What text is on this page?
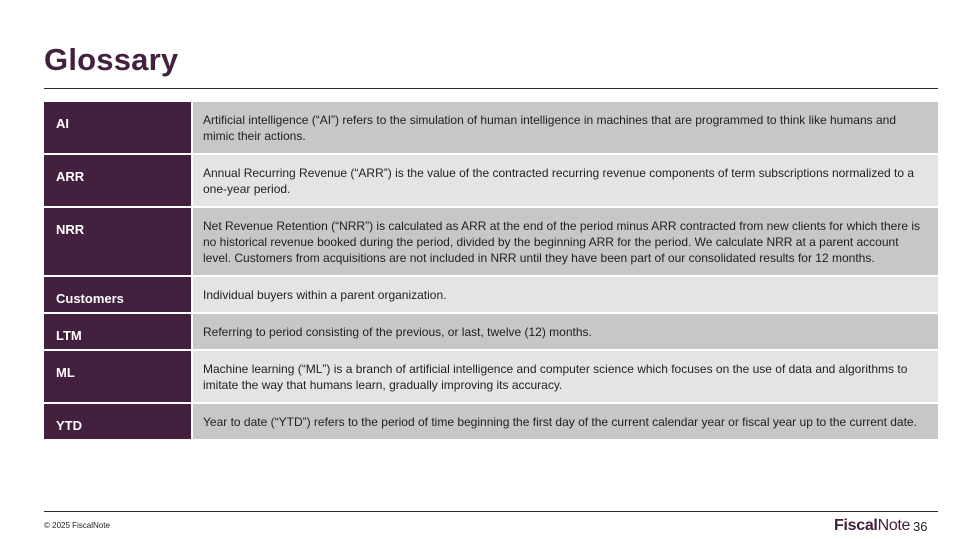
Glossary
AI	Artificial intelligence (“AI”) refers to the simulation of human intelligence in machines that are programmed to think like humans and mimic their actions.
ARR	Annual Recurring Revenue (“ARR”) is the value of the contracted recurring revenue components of term subscriptions normalized to a one-year period.
NRR	Net Revenue Retention (“NRR”) is calculated as ARR at the end of the period minus ARR contracted from new clients for which there is no historical revenue booked during the period, divided by the beginning ARR for the period. We calculate NRR at a parent account level. Customers from acquisitions are not included in NRR until they have been part of our consolidated results for 12 months.
Customers	Individual buyers within a parent organization.
LTM	Referring to period consisting of the previous, or last, twelve (12) months.
ML	Machine learning (“ML”) is a branch of artificial intelligence and computer science which focuses on the use of data and algorithms to imitate the way that humans learn, gradually improving its accuracy.
YTD	Year to date (“YTD”) refers to the period of time beginning the first day of the current calendar year or fiscal year up to the current date.
© 2025 FiscalNote	FiscalNote 36
